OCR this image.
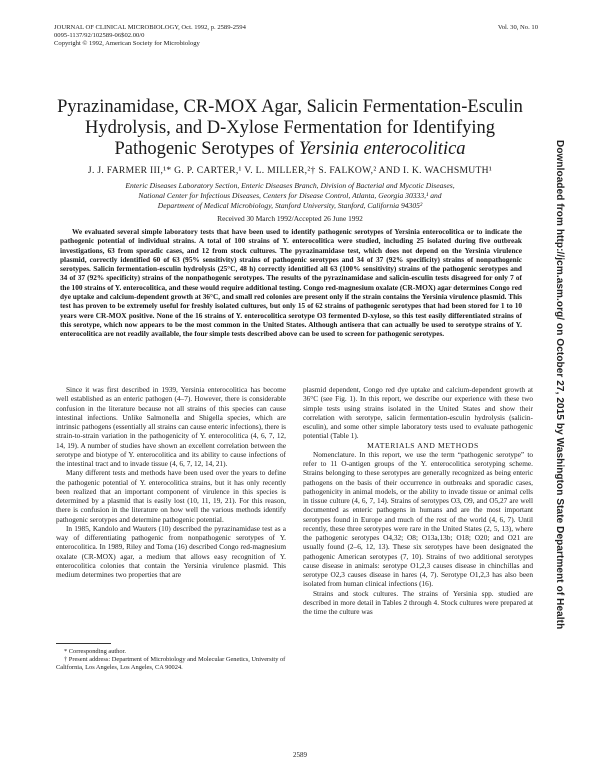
JOURNAL OF CLINICAL MICROBIOLOGY, Oct. 1992, p. 2589-2594
0095-1137/92/102589-06$02.00/0
Copyright © 1992, American Society for Microbiology
Vol. 30, No. 10
Pyrazinamidase, CR-MOX Agar, Salicin Fermentation-Esculin
Hydrolysis, and D-Xylose Fermentation for Identifying
Pathogenic Serotypes of Yersinia enterocolitica
J. J. FARMER III,¹* G. P. CARTER,¹ V. L. MILLER,²† S. FALKOW,² AND I. K. WACHSMUTH¹
Enteric Diseases Laboratory Section, Enteric Diseases Branch, Division of Bacterial and Mycotic Diseases,
National Center for Infectious Diseases, Centers for Disease Control, Atlanta, Georgia 30333,¹ and
Department of Medical Microbiology, Stanford University, Stanford, California 94305²
Received 30 March 1992/Accepted 26 June 1992
We evaluated several simple laboratory tests that have been used to identify pathogenic serotypes of Yersinia enterocolitica or to indicate the pathogenic potential of individual strains. A total of 100 strains of Y. enterocolitica were studied, including 25 isolated during five outbreak investigations, 63 from sporadic cases, and 12 from stock cultures. The pyrazinamidase test, which does not depend on the Yersinia virulence plasmid, correctly identified 60 of 63 (95% sensitivity) strains of pathogenic serotypes and 34 of 37 (92% specificity) strains of nonpathogenic serotypes. Salicin fermentation-esculin hydrolysis (25°C, 48 h) correctly identified all 63 (100% sensitivity) strains of the pathogenic serotypes and 34 of 37 (92% specificity) strains of the nonpathogenic serotypes. The results of the pyrazinamidase and salicin-esculin tests disagreed for only 7 of the 100 strains of Y. enterocolitica, and these would require additional testing. Congo red-magnesium oxalate (CR-MOX) agar determines Congo red dye uptake and calcium-dependent growth at 36°C, and small red colonies are present only if the strain contains the Yersinia virulence plasmid. This test has proven to be extremely useful for freshly isolated cultures, but only 15 of 62 strains of pathogenic serotypes that had been stored for 1 to 10 years were CR-MOX positive. None of the 16 strains of Y. enterocolitica serotype O3 fermented D-xylose, so this test easily differentiated strains of this serotype, which now appears to be the most common in the United States. Although antisera that can actually be used to serotype strains of Y. enterocolitica are not readily available, the four simple tests described above can be used to screen for pathogenic serotypes.

Since it was first described in 1939, Yersinia enterocolitica has become well established as an enteric pathogen (4–7). However, there is considerable confusion in the literature because not all strains of this species can cause intestinal infections. Unlike Salmonella and Shigella species, which are intrinsic pathogens (essentially all strains can cause enteric infections), there is strain-to-strain variation in the pathogenicity of Y. enterocolitica (4, 6, 7, 12, 14, 19). A number of studies have shown an excellent correlation between the serotype and biotype of Y. enterocolitica and its ability to cause infections of the intestinal tract and to invade tissue (4, 6, 7, 12, 14, 21).

Many different tests and methods have been used over the years to define the pathogenic potential of Y. enterocolitica strains, but it has only recently been realized that an important component of virulence in this species is determined by a plasmid that is easily lost (10, 11, 19, 21). For this reason, there is confusion in the literature on how well the various methods identify pathogenic serotypes and determine pathogenic potential.

In 1985, Kandolo and Wauters (10) described the pyrazinamidase test as a way of differentiating pathogenic from nonpathogenic serotypes of Y. enterocolitica. In 1989, Riley and Toma (16) described Congo red-magnesium oxalate (CR-MOX) agar, a medium that allows easy recognition of Y. enterocolitica colonies that contain the Yersinia virulence plasmid. This medium determines two properties that are

plasmid dependent, Congo red dye uptake and calcium-dependent growth at 36°C (see Fig. 1). In this report, we describe our experience with these two simple tests using strains isolated in the United States and show their correlation with serotype, salicin fermentation-esculin hydrolysis (salicin-esculin), and some other simple laboratory tests used to evaluate pathogenic potential (Table 1).

MATERIALS AND METHODS

Nomenclature. In this report, we use the term “pathogenic serotype” to refer to 11 O-antigen groups of the Y. enterocolitica serotyping scheme. Strains belonging to these serotypes are generally recognized as being enteric pathogens on the basis of their occurrence in outbreaks and sporadic cases, pathogenicity in animal models, or the ability to invade tissue or animal cells in tissue culture (4, 6, 7, 14). Strains of serotypes O3, O9, and O5,27 are well documented as enteric pathogens in humans and are the most important serotypes found in Europe and much of the rest of the world (4, 6, 7). Until recently, these three serotypes were rare in the United States (2, 5, 13), where the pathogenic serotypes O4,32; O8; O13a,13b; O18; O20; and O21 are usually found (2–6, 12, 13). These six serotypes have been designated the pathogenic American serotypes (7, 10). Strains of two additional serotypes cause disease in animals: serotype O1,2,3 causes disease in chinchillas and serotype O2,3 causes disease in hares (4, 7). Serotype O1,2,3 has also been isolated from human clinical infections (16).

Strains and stock cultures. The strains of Yersinia spp. studied are described in more detail in Tables 2 through 4. Stock cultures were prepared at the time the culture was

* Corresponding author.

† Present address: Department of Microbiology and Molecular Genetics, University of California, Los Angeles, Los Angeles, CA 90024.

2589
Downloaded from http://jcm.asm.org/ on October 27, 2015 by Washington State Department of Health
